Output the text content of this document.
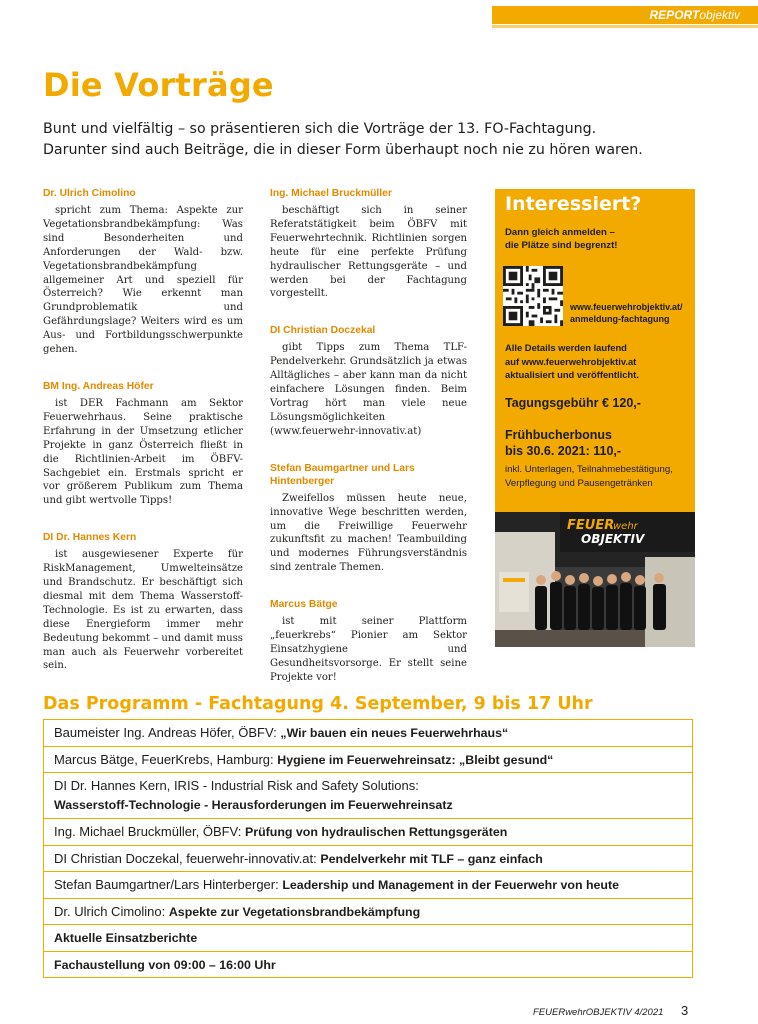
REPORTobjektiv
Die Vorträge
Bunt und vielfältig – so präsentieren sich die Vorträge der 13. FO-Fachtagung. Darunter sind auch Beiträge, die in dieser Form überhaupt noch nie zu hören waren.
Dr. Ulrich Cimolino

spricht zum Thema: Aspekte zur Vegetationsbrandbekämpfung: Was sind Besonderheiten und Anforderungen der Wald- bzw. Vegetationsbrandbekämpfung allgemeiner Art und speziell für Österreich? Wie erkennt man Grundproblematik und Gefährdungslage? Weiters wird es um Aus- und Fortbildungsschwerpunkte gehen.

BM Ing. Andreas Höfer

ist DER Fachmann am Sektor Feuerwehrhaus. Seine praktische Erfahrung in der Umsetzung etlicher Projekte in ganz Österreich fließt in die Richtlinien-Arbeit im ÖBFV-Sachgebiet ein. Erstmals spricht er vor größerem Publikum zum Thema und gibt wertvolle Tipps!

DI Dr. Hannes Kern

ist ausgewiesener Experte für RiskManagement, Umwelteinsätze und Brandschutz. Er beschäftigt sich diesmal mit dem Thema Wasserstoff-Technologie. Es ist zu erwarten, dass diese Energieform immer mehr Bedeutung bekommt – und damit muss man auch als Feuerwehr vorbereitet sein.

Ing. Michael Bruckmüller

beschäftigt sich in seiner Referatstätigkeit beim ÖBFV mit Feuerwehrtechnik. Richtlinien sorgen heute für eine perfekte Prüfung hydraulischer Rettungsgeräte – und werden bei der Fachtagung vorgestellt.

DI Christian Doczekal

gibt Tipps zum Thema TLF-Pendelverkehr. Grundsätzlich ja etwas Alltägliches – aber kann man da nicht einfachere Lösungen finden. Beim Vortrag hört man viele neue Lösungsmöglichkeiten (www.feuerwehr-innovativ.at)

Stefan Baumgartner und Lars Hintenberger

Zweifellos müssen heute neue, innovative Wege beschritten werden, um die Freiwillige Feuerwehr zukunftsfit zu machen! Teambuilding und modernes Führungsverständnis sind zentrale Themen.

Marcus Bätge

ist mit seiner Plattform „feuerkrebs“ Pionier am Sektor Einsatzhygiene und Gesundheitsvorsorge. Er stellt seine Projekte vor!

Interessiert?
Dann gleich anmelden –
die Plätze sind begrenzt!
www.feuerwehrobjektiv.at/
anmeldung-fachtagung
Alle Details werden laufend
auf www.feuerwehrobjektiv.at
aktualisiert und veröffentlicht.
Tagungsgebühr € 120,-
Frühbucherbonus
bis 30.6. 2021: 110,-
inkl. Unterlagen, Teilnahmebestätigung,
Verpflegung und Pausengetränken
FEUER
wehr
OBJEKTIV
Das Programm - Fachtagung 4. September, 9 bis 17 Uhr
Baumeister Ing. Andreas Höfer, ÖBFV: „Wir bauen ein neues Feuerwehrhaus“
Marcus Bätge, FeuerKrebs, Hamburg: Hygiene im Feuerwehreinsatz: „Bleibt gesund“

DI Dr. Hannes Kern, IRIS - Industrial Risk and Safety Solutions:
Wasserstoff-Technologie - Herausforderungen im Feuerwehreinsatz
Ing. Michael Bruckmüller, ÖBFV: Prüfung von hydraulischen Rettungsgeräten
DI Christian Doczekal, feuerwehr-innovativ.at: Pendelverkehr mit TLF – ganz einfach
Stefan Baumgartner/Lars Hinterberger: Leadership und Management in der Feuerwehr von heute
Dr. Ulrich Cimolino: Aspekte zur Vegetationsbrandbekämpfung
Aktuelle Einsatzberichte
Fachaustellung von 09:00 – 16:00 Uhr
FEUERwehrOBJEKTIV 4/2021 3
